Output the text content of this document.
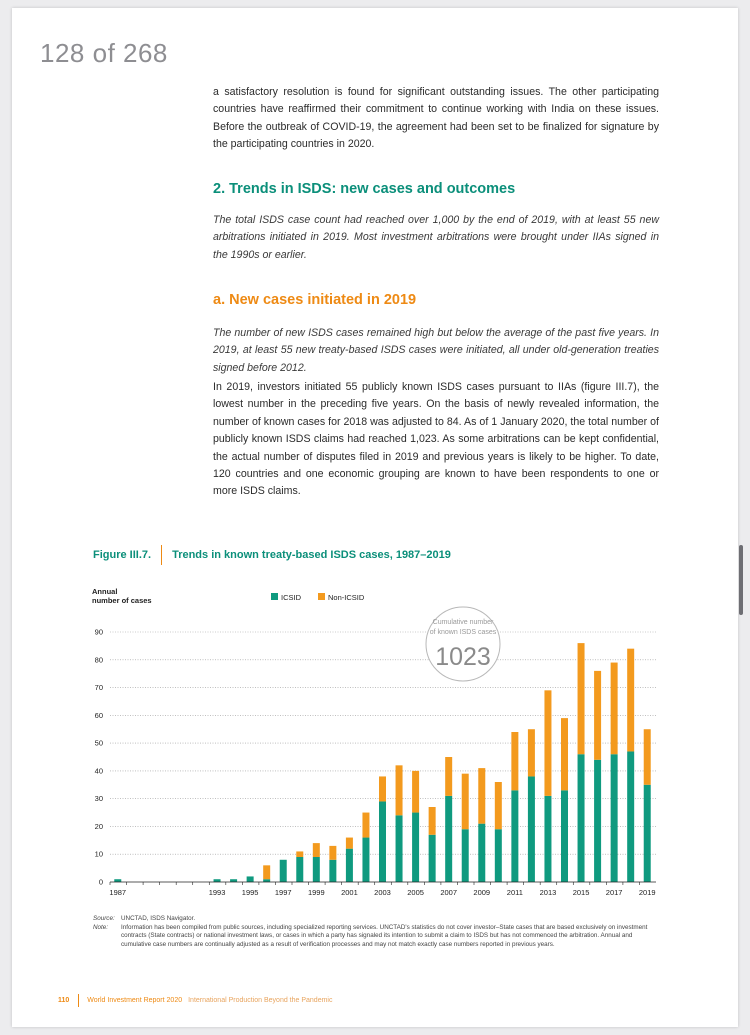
128 of 268
a satisfactory resolution is found for significant outstanding issues. The other participating countries have reaffirmed their commitment to continue working with India on these issues. Before the outbreak of COVID-19, the agreement had been set to be finalized for signature by the participating countries in 2020.
2. Trends in ISDS: new cases and outcomes
The total ISDS case count had reached over 1,000 by the end of 2019, with at least 55 new arbitrations initiated in 2019. Most investment arbitrations were brought under IIAs signed in the 1990s or earlier.
a. New cases initiated in 2019
The number of new ISDS cases remained high but below the average of the past five years. In 2019, at least 55 new treaty-based ISDS cases were initiated, all under old-generation treaties signed before 2012.
In 2019, investors initiated 55 publicly known ISDS cases pursuant to IIAs (figure III.7), the lowest number in the preceding five years. On the basis of newly revealed information, the number of known cases for 2018 was adjusted to 84. As of 1 January 2020, the total number of publicly known ISDS claims had reached 1,023. As some arbitrations can be kept confidential, the actual number of disputes filed in 2019 and previous years is likely to be higher. To date, 120 countries and one economic grouping are known to have been respondents to one or more ISDS claims.
Figure III.7. Trends in known treaty-based ISDS cases, 1987–2019
Annual
number of cases	ICSID	Non-ICSID
0
10
20
30
40
50
60
70
80
90
1987	1993 1995 1997 1999 2001 2003 2005 2007 2009 2011 2013 2015 2017 2019
Cumulative number
of known ISDS cases
1023
Source: UNCTAD, ISDS Navigator.
Note:	Information has been compiled from public sources, including specialized reporting services. UNCTAD's statistics do not cover investor–State cases that are based exclusively on investment contracts (State contracts) or national investment laws, or cases in which a party has signaled its intention to submit a claim to ISDS but has not commenced the arbitration. Annual and cumulative case numbers are continually adjusted as a result of verification processes and may not match exactly case numbers reported in previous years.
110	World Investment Report 2020 International Production Beyond the Pandemic
